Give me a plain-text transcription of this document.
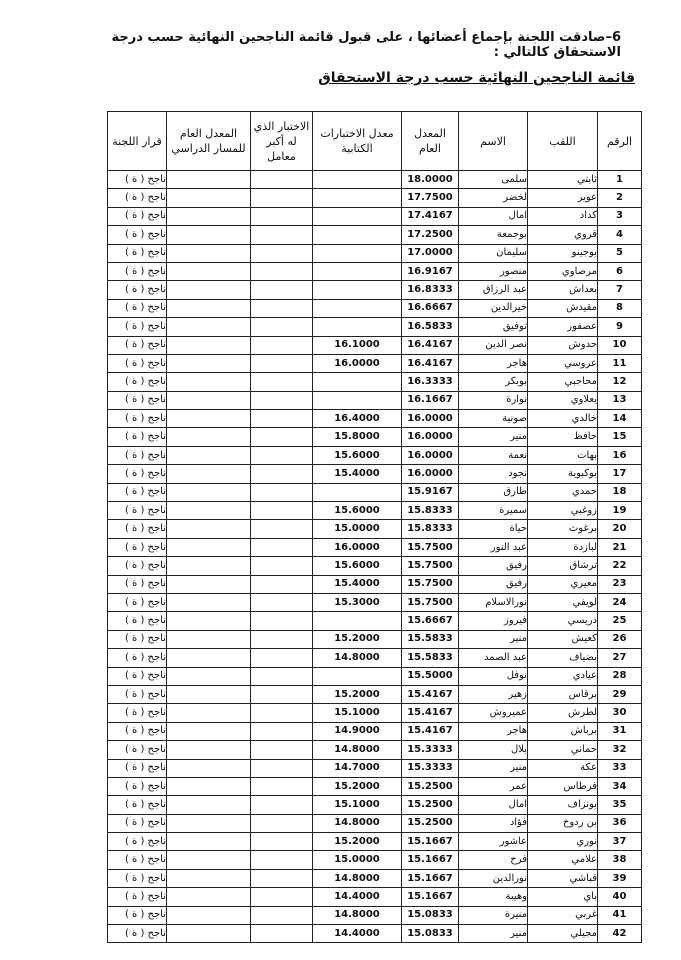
6–صادقت اللجنة بإجماع أعضائها ، على قبول قائمة الناجحين النهائية حسب درجة الاستحقاق كالتالي :
قائمة الناجحين النهائية حسب درجة الاستحقاق
الرقم	اللقب	الاسم	المعدل العام	معدل الاختبارات الكتابية	الاختبار الذي له أكبر معامل	المعدل العام للمسار الدراسي	قرار اللجنة
1	ثابتي	سلمى	18.0000				ناجح ( ة )
2	عوير	لخضر	17.7500				ناجح ( ة )
3	كداد	امال	17.4167				ناجح ( ة )
4	قروي	بوجمعة	17.2500				ناجح ( ة )
5	بوجينو	سليمان	17.0000				ناجح ( ة )
6	مرصاوي	منصور	16.9167				ناجح ( ة )
7	بعداش	عبد الرزاق	16.8333				ناجح ( ة )
8	مقيدش	خيرالدين	16.6667				ناجح ( ة )
9	عصفور	توفيق	16.5833				ناجح ( ة )
10	حدوش	نصر الدين	16.4167	16.1000			ناجح ( ة )
11	عروسي	هاجر	16.4167	16.0000			ناجح ( ة )
12	محاجبي	بوبكر	16.3333				ناجح ( ة )
13	يعلاوي	نوارة	16.1667				ناجح ( ة )
14	خالدي	صونية	16.0000	16.4000			ناجح ( ة )
15	حافظ	منير	16.0000	15.8000			ناجح ( ة )
16	بهات	نعمة	16.0000	15.6000			ناجح ( ة )
17	بوكبوية	نجود	16.0000	15.4000			ناجح ( ة )
18	حمدي	طارق	15.9167				ناجح ( ة )
19	زوغبي	سميرة	15.8333	15.6000			ناجح ( ة )
20	برغوث	حياة	15.8333	15.0000			ناجح ( ة )
21	لبازدة	عبد النور	15.7500	16.0000			ناجح ( ة )
22	ترشاق	رفيق	15.7500	15.6000			ناجح ( ة )
23	معيري	رفيق	15.7500	15.4000			ناجح ( ة )
24	لويفي	نورالاسلام	15.7500	15.3000			ناجح ( ة )
25	دريسي	فيروز	15.6667				ناجح ( ة )
26	كعيش	منير	15.5833	15.2000			ناجح ( ة )
27	بضياف	عبد الصمد	15.5833	14.8000			ناجح ( ة )
28	عيادي	نوفل	15.5000				ناجح ( ة )
29	برقاس	زهير	15.4167	15.2000			ناجح ( ة )
30	لطرش	عميروش	15.4167	15.1000			ناجح ( ة )
31	برباش	هاجر	15.4167	14.9000			ناجح ( ة )
32	حماني	بلال	15.3333	14.8000			ناجح ( ة )
33	عكة	منير	15.3333	14.7000			ناجح ( ة )
34	فرطاس	عمر	15.2500	15.2000			ناجح ( ة )
35	بونزاف	امال	15.2500	15.1000			ناجح ( ة )
36	بن ردوخ	فؤاد	15.2500	14.8000			ناجح ( ة )
37	نوري	عاشور	15.1667	15.2000			ناجح ( ة )
38	علامي	فرح	15.1667	15.0000			ناجح ( ة )
39	قباشي	نورالدين	15.1667	14.8000			ناجح ( ة )
40	باي	وهيبة	15.1667	14.4000			ناجح ( ة )
41	غربي	منيرة	15.0833	14.8000			ناجح ( ة )
42	مجيلي	منير	15.0833	14.4000			ناجح ( ة )
